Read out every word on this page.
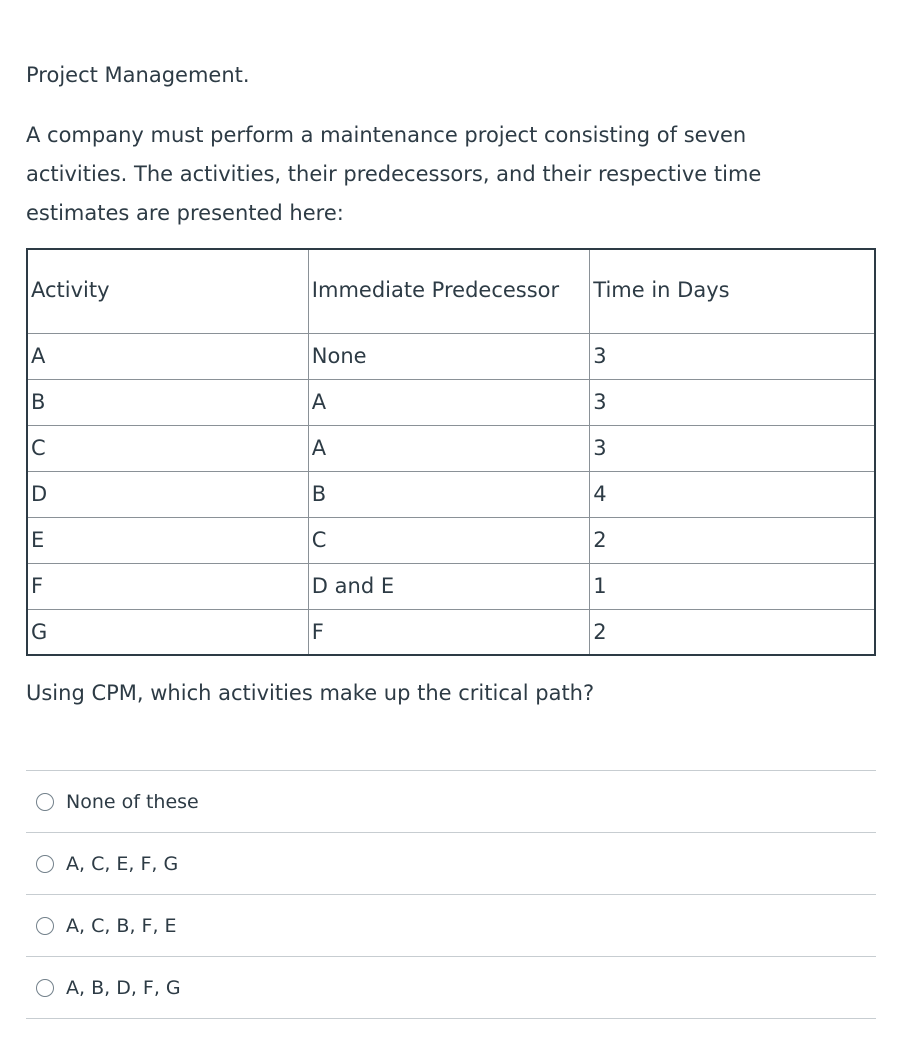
Project Management.

A company must perform a maintenance project consisting of seven activities. The activities, their predecessors, and their respective time estimates are presented here:

Activity	Immediate Predecessor	Time in Days
A	None	3
B	A	3
C	A	3
D	B	4
E	C	2
F	D and E	1
G	F	2

Using CPM, which activities make up the critical path?

None of these
A, C, E, F, G
A, C, B, F, E
A, B, D, F, G
